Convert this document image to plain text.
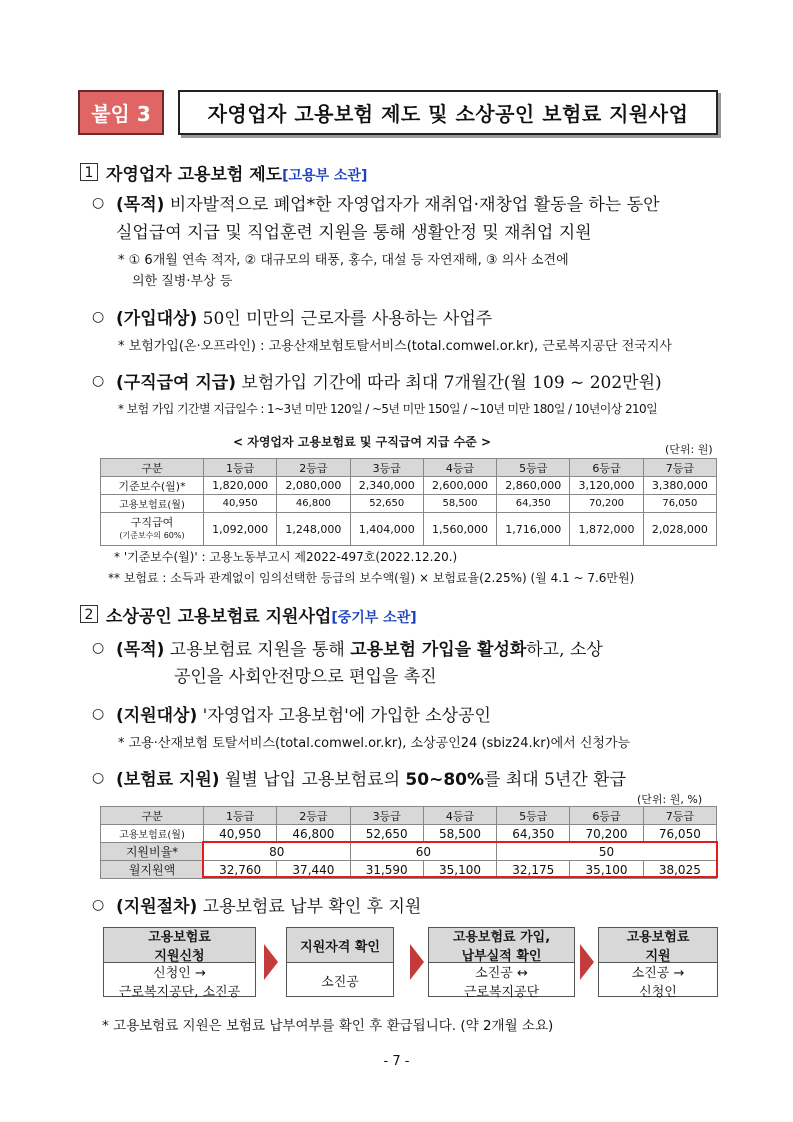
붙임 3	자영업자 고용보험 제도 및 소상공인 보험료 지원사업
1 자영업자 고용보험 제도[고용부 소관]
○ (목적) 비자발적으로 폐업*한 자영업자가 재취업·재창업 활동을 하는 동안
실업급여 지급 및 직업훈련 지원을 통해 생활안정 및 재취업 지원
* ① 6개월 연속 적자, ② 대규모의 태풍, 홍수, 대설 등 자연재해, ③ 의사 소견에
의한 질병·부상 등
○ (가입대상) 50인 미만의 근로자를 사용하는 사업주
* 보험가입(온·오프라인) : 고용산재보험토탈서비스(total.comwel.or.kr), 근로복지공단 전국지사
○ (구직급여 지급) 보험가입 기간에 따라 최대 7개월간(월 109 ~ 202만원)
* 보험 가입 기간별 지급일수 : 1~3년 미만 120일 / ~5년 미만 150일 / ~10년 미만 180일 / 10년이상 210일
< 자영업자 고용보험료 및 구직급여 지급 수준 >
(단위: 원)
구분	1등급	2등급	3등급	4등급	5등급	6등급	7등급
기준보수(월)*	1,820,000	2,080,000	2,340,000	2,600,000	2,860,000	3,120,000	3,380,000
고용보험료(월)	40,950	46,800	52,650	58,500	64,350	70,200	76,050

구직급여
(기준보수의 60%)	1,092,000	1,248,000	1,404,000	1,560,000	1,716,000	1,872,000	2,028,000
* '기준보수(월)' : 고용노동부고시 제2022-497호(2022.12.20.)
** 보험료 : 소득과 관계없이 임의선택한 등급의 보수액(월) × 보험료율(2.25%) (월 4.1 ~ 7.6만원)
2 소상공인 고용보험료 지원사업[중기부 소관]
○ (목적) 고용보험료 지원을 통해 고용보험 가입을 활성화하고, 소상
공인을 사회안전망으로 편입을 촉진
○ (지원대상) '자영업자 고용보험'에 가입한 소상공인
* 고용·산재보험 토탈서비스(total.comwel.or.kr), 소상공인24 (sbiz24.kr)에서 신청가능
○ (보험료 지원) 월별 납입 고용보험료의 50~80%를 최대 5년간 환급
(단위: 원, %)
구분	1등급	2등급	3등급	4등급	5등급	6등급	7등급
고용보험료(월)	40,950	46,800	52,650	58,500	64,350	70,200	76,050
지원비율*	80		60		50		
월지원액	32,760	37,440	31,590	35,100	32,175	35,100	38,025
○ (지원절차) 고용보험료 납부 확인 후 지원
고용보험료
지원신청
신청인 →
근로복지공단, 소진공
지원자격 확인
소진공
고용보험료 가입,
납부실적 확인
소진공 ↔
근로복지공단
고용보험료
지원
소진공 →
신청인
* 고용보험료 지원은 보험료 납부여부를 확인 후 환급됩니다. (약 2개월 소요)
- 7 -
